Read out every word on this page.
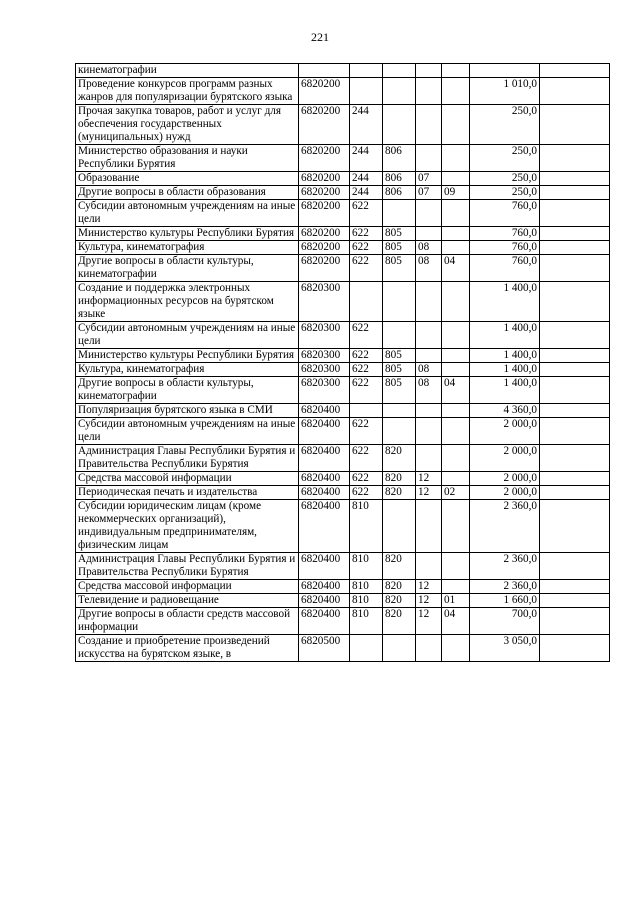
221
кинематографии							
Проведение конкурсов программ разных жанров для популяризации бурятского языка	6820200					1 010,0	
Прочая закупка товаров, работ и услуг для обеспечения государственных (муниципальных) нужд	6820200	244				250,0	
Министерство образования и науки Республики Бурятия	6820200	244	806			250,0	
Образование	6820200	244	806	07		250,0	
Другие вопросы в области образования	6820200	244	806	07	09	250,0	
Субсидии автономным учреждениям на иные цели	6820200	622				760,0	
Министерство культуры Республики Бурятия	6820200	622	805			760,0	
Культура, кинематография	6820200	622	805	08		760,0	
Другие вопросы в области культуры, кинематографии	6820200	622	805	08	04	760,0	
Создание и поддержка электронных информационных ресурсов на бурятском языке	6820300					1 400,0	
Субсидии автономным учреждениям на иные цели	6820300	622				1 400,0	
Министерство культуры Республики Бурятия	6820300	622	805			1 400,0	
Культура, кинематография	6820300	622	805	08		1 400,0	
Другие вопросы в области культуры, кинематографии	6820300	622	805	08	04	1 400,0	
Популяризация бурятского языка в СМИ	6820400					4 360,0	
Субсидии автономным учреждениям на иные цели	6820400	622				2 000,0	
Администрация Главы Республики Бурятия и Правительства Республики Бурятия	6820400	622	820			2 000,0	
Средства массовой информации	6820400	622	820	12		2 000,0	
Периодическая печать и издательства	6820400	622	820	12	02	2 000,0	
Субсидии юридическим лицам (кроме некоммерческих организаций), индивидуальным предпринимателям, физическим лицам	6820400	810				2 360,0	
Администрация Главы Республики Бурятия и Правительства Республики Бурятия	6820400	810	820			2 360,0	
Средства массовой информации	6820400	810	820	12		2 360,0	
Телевидение и радиовещание	6820400	810	820	12	01	1 660,0	
Другие вопросы в области средств массовой информации	6820400	810	820	12	04	700,0	
Создание и приобретение произведений искусства на бурятском языке, в	6820500					3 050,0	
